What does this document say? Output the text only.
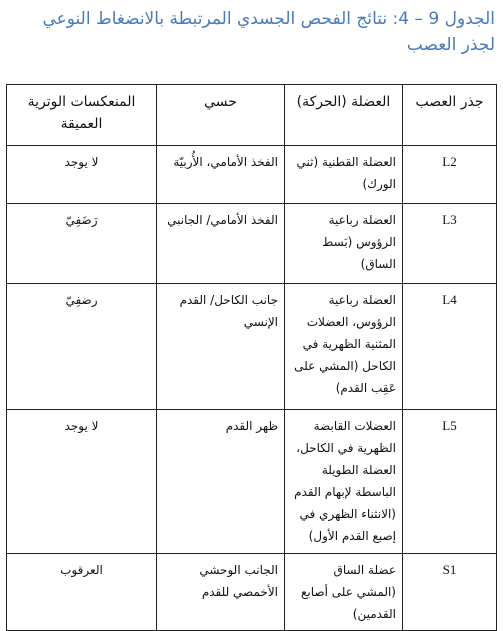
الجدول 9 – 4: نتائج الفحص الجسدي المرتبطة بالانضغاط النوعي لجذر العصب
جذر العصب	العضلة (الحركة)	حسي	المنعكسات الوترية العميقة
L2	العضلة القطنية (ثني الورك)	الفخذ الأمامي، الأُربيّة	لا يوجد
L3	العضلة رباعية الرؤوس (بَسط الساق)	الفخذ الأمامي/ الجانبي	رَضَفِيّ
L4	العضلة رباعية الرؤوس، العضلات المثنية الظهرية في الكاحل (المشي على عَقِب القدم)	جانب الكاحل/ القدم الإنسي	رضفِيّ
L5	العضلات القابضة الظهرية في الكاحل، العضلة الطويلة الباسطة لإبهام القدم (الانثناء الظهري في إصبع القدم الأول)	ظهر القدم	لا يوجد
S1	عضلة الساق (المشي على أصابع القدمين)	الجانب الوحشي الأخمصي للقدم	العرقوب
